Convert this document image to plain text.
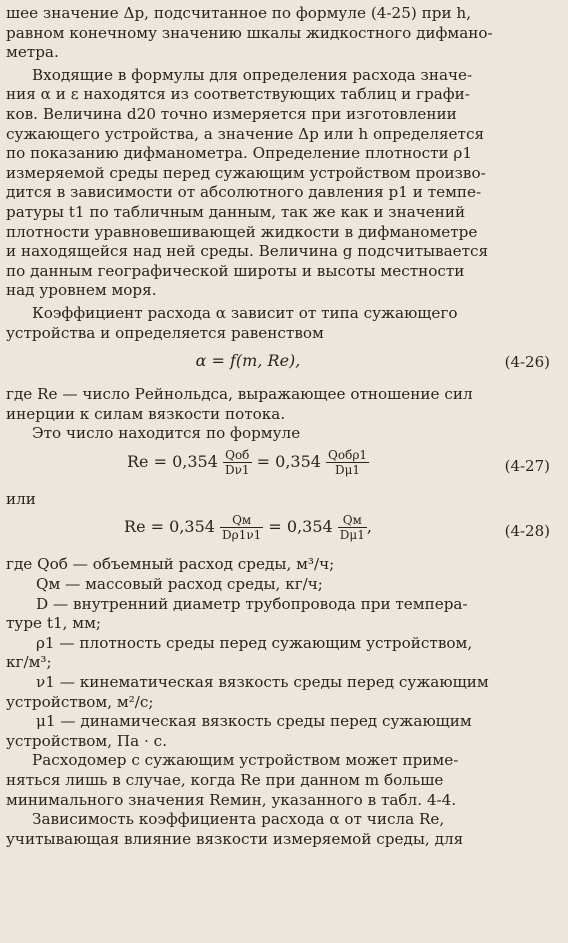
шее значение Δp, подсчитанное по формуле (4-25) при h,
равном конечному значению шкалы жидкостного дифмано-
метра.
Входящие в формулы для определения расхода значе-
ния α и ε находятся из соответствующих таблиц и графи-
ков. Величина d20 точно измеряется при изготовлении
сужающего устройства, а значение Δp или h определяется
по показанию дифманометра. Определение плотности ρ1
измеряемой среды перед сужающим устройством произво-
дится в зависимости от абсолютного давления p1 и темпе-
ратуры t1 по табличным данным, так же как и значений
плотности уравновешивающей жидкости в дифманометре
и находящейся над ней среды. Величина g подсчитывается
по данным географической широты и высоты местности
над уровнем моря.
Коэффициент расхода α зависит от типа сужающего
устройства и определяется равенством
α = f(m, Re),	(4-26)
где Re — число Рейнольдса, выражающее отношение сил
инерции к силам вязкости потока.
Это число находится по формуле
$Re = 0,354 \frac{\text{Qоб}}{D\nu 1} = 0,354 \frac{\text{Qобρ1}}{D\mu 1}$	(4-27)
или
$Re = 0,354 \frac{Qм}{D\rho 1\nu 1} = 0,354 \frac{Qм}{D\mu 1}$ ,	(4-28)
где Qоб — объемный расход среды, м³/ч;
Qм — массовый расход среды, кг/ч;
D — внутренний диаметр трубопровода при темпера-
туре t1, мм;
ρ1 — плотность среды перед сужающим устройством,
кг/м³;
ν1 — кинематическая вязкость среды перед сужающим
устройством, м²/с;
μ1 — динамическая вязкость среды перед сужающим
устройством, Па · с.
Расходомер с сужающим устройством может приме-
няться лишь в случае, когда Re при данном m больше
минимального значения Reмин, указанного в табл. 4-4.
Зависимость коэффициента расхода α от числа Re,
учитывающая влияние вязкости измеряемой среды, для
